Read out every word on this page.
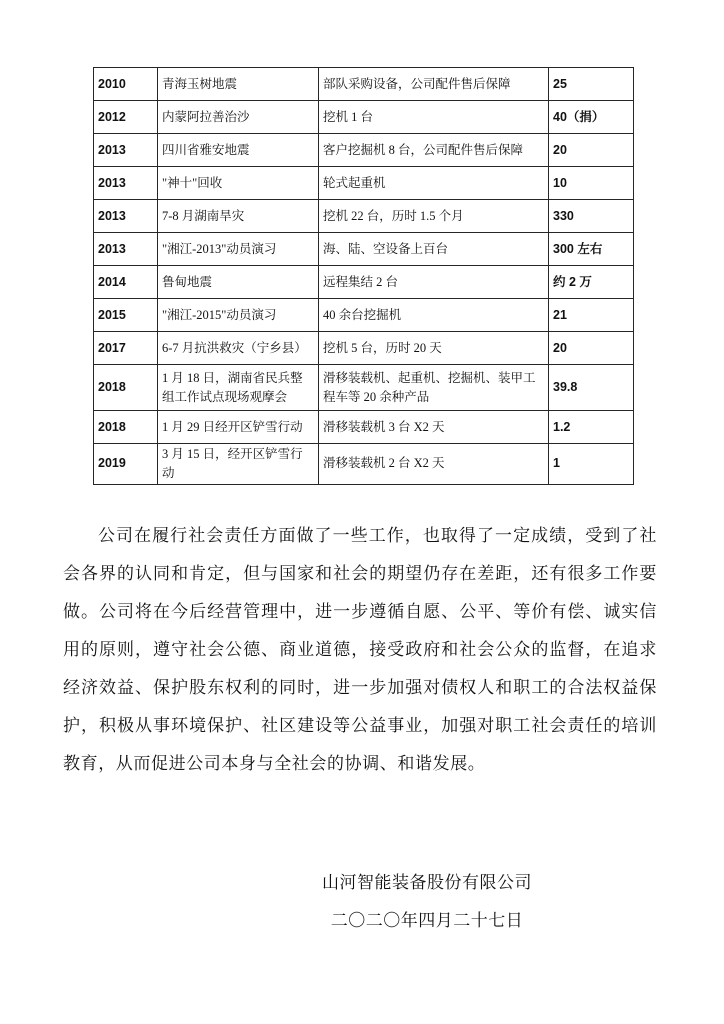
2010	青海玉树地震	部队采购设备，公司配件售后保障	25
2012	内蒙阿拉善治沙	挖机 1 台	40（捐）
2013	四川省雅安地震	客户挖掘机 8 台，公司配件售后保障	20
2013	"神十"回收	轮式起重机	10
2013	7-8 月湖南旱灾	挖机 22 台，历时 1.5 个月	330
2013	"湘江-2013"动员演习	海、陆、空设备上百台	300 左右
2014	鲁甸地震	远程集结 2 台	约 2 万
2015	"湘江-2015"动员演习	40 余台挖掘机	21
2017	6-7 月抗洪救灾（宁乡县）	挖机 5 台，历时 20 天	20
2018	1 月 18 日，湖南省民兵整组工作试点现场观摩会	滑移装载机、起重机、挖掘机、装甲工程车等 20 余种产品	39.8
2018	1 月 29 日经开区铲雪行动	滑移装载机 3 台 X2 天	1.2
2019	3 月 15 日，经开区铲雪行动	滑移装载机 2 台 X2 天	1

公司在履行社会责任方面做了一些工作，也取得了一定成绩，受到了社会各界的认同和肯定，但与国家和社会的期望仍存在差距，还有很多工作要做。公司将在今后经营管理中，进一步遵循自愿、公平、等价有偿、诚实信用的原则，遵守社会公德、商业道德，接受政府和社会公众的监督，在追求经济效益、保护股东权利的同时，进一步加强对债权人和职工的合法权益保护，积极从事环境保护、社区建设等公益事业，加强对职工社会责任的培训教育，从而促进公司本身与全社会的协调、和谐发展。

山河智能装备股份有限公司
二〇二〇年四月二十七日
